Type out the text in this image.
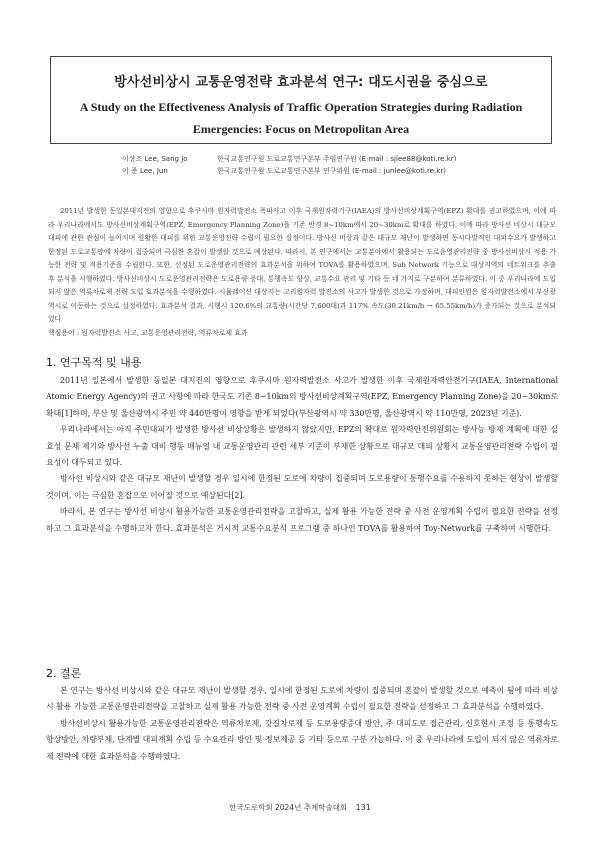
방사선비상시 교통운영전략 효과분석 연구: 대도시권을 중심으로
A Study on the Effectiveness Analysis of Traffic Operation Strategies during Radiation Emergencies: Focus on Metropolitan Area
이상조 Lee, Sang Jo	한국교통연구원 도로교통연구본부 주임연구원 (E-mail : sjlee88@koti.re.kr)
이 준 Lee, Jun	한국교통연구원 도로교통연구본부 연구위원 (E-mail : junlee@koti.re.kr)

2011년 발생한 동일본대지진의 영향으로 후쿠시마 원자력발전소 폭파사고 이후 국제원자력기구(IAEA)의 방사선비상계획구역(EPZ) 확대를 권고하였으며, 이에 따라 우리나라에서도 방사선비상계획구역(EPZ, Emergency Planning Zone)을 기존 반경 8~10km에서 20~30km로 확대를 하였다. 이에 따라 방사선 비상시 대규모 대피에 관한 관심이 높아지며 원활한 대피를 위한 교통운영전략 수립이 필요한 실정이다. 방사선 비상과 같은 대규모 재난이 발생하면 동시다발적인 대피수요가 발생하고 한정된 도로교통망에 차량이 집중되어 극심한 혼잡이 발생할 것으로 예상된다. 따라서, 본 연구에서는 교통분야에서 활용되는 도로운영관리전략 중 방사선비상시 적용 가능한 전략 및 적용기준을 수립한다. 또한, 선정된 도로운영관리전략의 효과분석을 위하여 TOVA를 활용하였으며, Sub Network 기능으로 대상지역의 네트워크를 추출 후 분석을 시행하였다. 방사선비상시 도로운영관리전략은 도로용량 증대, 통행속도 향상, 교통수요 관리 및 기타 등 네 가지로 구분하여 분류하였다. 이 중 우리나라에 도입되지 않은 역류차로제 전략 도입 효과분석을 수행하였다. 시뮬레이션 대상지는 고리원자력 발전소의 사고가 발생한 것으로 가정하며, 대피인원은 원자력발전소에서 부산광역시로 이동하는 것으로 설정하였다. 효과분석 결과, 시행시 120.6%의 교통량(시간당 7,600대)과 117% 속도(30.21km/h → 65.55km/h)가 증가되는 것으로 분석되었다

핵심용어 : 원자력발전소 사고, 교통운영관리전략, 역류차로제 효과

1. 연구목적 및 내용

2011년 일본에서 발생한 동일본 대지진의 영향으로 후쿠시마 원자력발전소 사고가 발생한 이후 국제원자력안전기구(IAEA, International Atomic Energy Agency)의 권고 사항에 따라 한국도 기존 8~10km의 방사선비상계획구역(EPZ, Emergency Planning Zone)을 20~30km로 확대[1]하며, 부산 및 울산광역시 주민 약 440만명이 영향을 받게 되었다(부산광역시 약 330만명, 울산광역시 약 110만명, 2023년 기준).

우리나라에서는 아직 주민대피가 발생한 방사선 비상상황은 발생하지 않았지만, EPZ의 확대로 원자력안전위원회는 방사능 방재 계획에 대한 실효성 문제 제기와 방사선 누출 대비 행동 매뉴얼 내 교통운영관리 관련 세부 기준이 부재한 상황으로 대규모 대피 상황시 교통운영관리전략 수립이 필요성이 대두되고 있다.

방사선 비상시와 같은 대규모 재난이 발생할 경우 일시에 한정된 도로에 차량이 집중되며 도로용량이 통행수요를 수용하지 못하는 현상이 발생할 것이며, 이는 극심한 혼잡으로 이어질 것으로 예상된다[2].

따라서, 본 연구는 방사선 비상시 활용가능한 교통운영관리전략을 고찰하고, 실제 활용 가능한 전략 중 사전 운영계획 수립이 필요한 전략을 선정하고 그 효과분석을 수행하고자 한다. 효과분석은 거시적 교통수요분석 프로그램 중 하나인 TOVA를 활용하여 Toy-Network를 구축하여 시행한다.

2. 결론

본 연구는 방사선 비상시와 같은 대규모 재난이 발생할 경우, 일시에 한정된 도로에 차량이 집중되며 혼잡이 발생할 것으로 예측이 됨에 따라 비상시 활용 가능한 교통운영관리전략을 고찰하고 실제 활용 가능한 전략 중 사전 운영계획 수립이 필요한 전략을 선정하고 그 효과분석을 수행하였다.

방사선비상시 활용가능한 교통운영관리전략은 역류차로제, 갓길차로제 등 도로용량증대 방안, 주 대피도로 접근관리, 신호현시 조정 등 통행속도 향상방안, 차량부제, 단계별 대피계획 수립 등 수요관리 방안 및 정보제공 등 기타 등으로 구분 가능하다. 이 중 우리나라에 도입이 되지 않은 역류차로제 전략에 대한 효과분석을 수행하였다.

한국도로학회 2024년 추계학술대회 131
